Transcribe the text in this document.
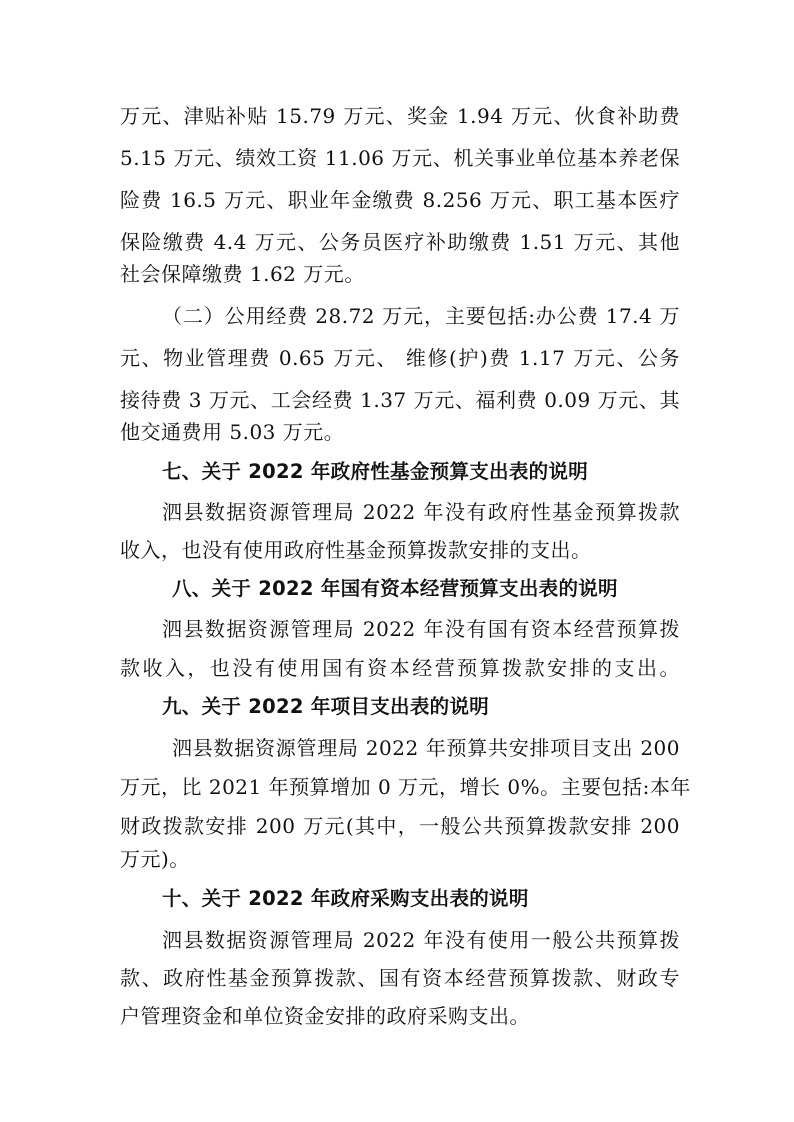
万元、津贴补贴 15.79 万元、奖金 1.94 万元、伙食补助费
5.15 万元、绩效工资 11.06 万元、机关事业单位基本养老保
险费 16.5 万元、职业年金缴费 8.256 万元、职工基本医疗
保险缴费 4.4 万元、公务员医疗补助缴费 1.51 万元、其他
社会保障缴费 1.62 万元。
（二）公用经费 28.72 万元，主要包括:办公费 17.4 万
元、物业管理费 0.65 万元、 维修(护)费 1.17 万元、公务
接待费 3 万元、工会经费 1.37 万元、福利费 0.09 万元、其
他交通费用 5.03 万元。
七、关于 2022 年政府性基金预算支出表的说明
泗县数据资源管理局 2022 年没有政府性基金预算拨款
收入，也没有使用政府性基金预算拨款安排的支出。
八、关于 2022 年国有资本经营预算支出表的说明
泗县数据资源管理局 2022 年没有国有资本经营预算拨
款收入，也没有使用国有资本经营预算拨款安排的支出。
九、关于 2022 年项目支出表的说明
泗县数据资源管理局 2022 年预算共安排项目支出 200
万元，比 2021 年预算增加 0 万元，增长 0%。主要包括:本年
财政拨款安排 200 万元(其中，一般公共预算拨款安排 200
万元)。
十、关于 2022 年政府采购支出表的说明
泗县数据资源管理局 2022 年没有使用一般公共预算拨
款、政府性基金预算拨款、国有资本经营预算拨款、财政专
户管理资金和单位资金安排的政府采购支出。
